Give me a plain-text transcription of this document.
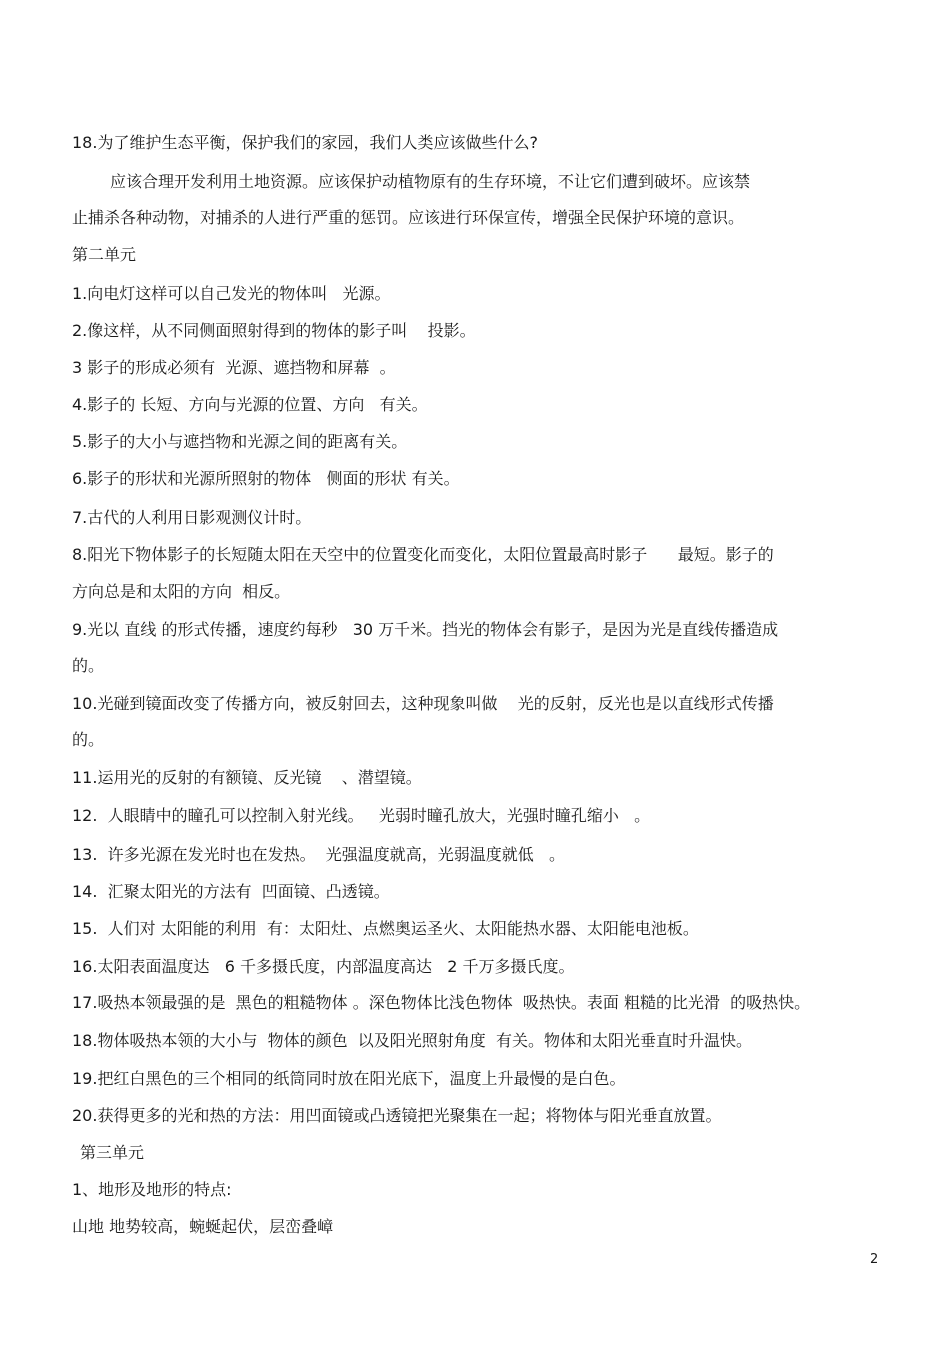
18.为了维护生态平衡，保护我们的家园，我们人类应该做些什么?
应该合理开发利用土地资源。应该保护动植物原有的生存环境，不让它们遭到破坏。应该禁
止捕杀各种动物，对捕杀的人进行严重的惩罚。应该进行环保宣传，增强全民保护环境的意识。
第二单元
1.向电灯这样可以自己发光的物体叫   光源。
2.像这样，从不同侧面照射得到的物体的影子叫    投影。
3 影子的形成必须有  光源、遮挡物和屏幕  。
4.影子的 长短、方向与光源的位置、方向   有关。
5.影子的大小与遮挡物和光源之间的距离有关。
6.影子的形状和光源所照射的物体   侧面的形状 有关。
7.古代的人利用日影观测仪计时。
8.阳光下物体影子的长短随太阳在天空中的位置变化而变化，太阳位置最高时影子      最短。影子的
方向总是和太阳的方向  相反。
9.光以 直线 的形式传播，速度约每秒   30 万千米。挡光的物体会有影子，是因为光是直线传播造成
的。
10.光碰到镜面改变了传播方向，被反射回去，这种现象叫做    光的反射，反光也是以直线形式传播
的。
11.运用光的反射的有额镜、反光镜    、潜望镜。
12.  人眼睛中的瞳孔可以控制入射光线。   光弱时瞳孔放大，光强时瞳孔缩小   。
13.  许多光源在发光时也在发热。  光强温度就高，光弱温度就低   。
14.  汇聚太阳光的方法有  凹面镜、凸透镜。
15.  人们对 太阳能的利用  有：太阳灶、点燃奥运圣火、太阳能热水器、太阳能电池板。
16.太阳表面温度达   6 千多摄氏度，内部温度高达   2 千万多摄氏度。
17.吸热本领最强的是  黑色的粗糙物体 。深色物体比浅色物体  吸热快。表面 粗糙的比光滑  的吸热快。
18.物体吸热本领的大小与  物体的颜色  以及阳光照射角度  有关。物体和太阳光垂直时升温快。
19.把红白黑色的三个相同的纸筒同时放在阳光底下，温度上升最慢的是白色。
20.获得更多的光和热的方法：用凹面镜或凸透镜把光聚集在一起；将物体与阳光垂直放置。
第三单元
1、地形及地形的特点:
山地 地势较高，蜿蜒起伏，层峦叠嶂
2
